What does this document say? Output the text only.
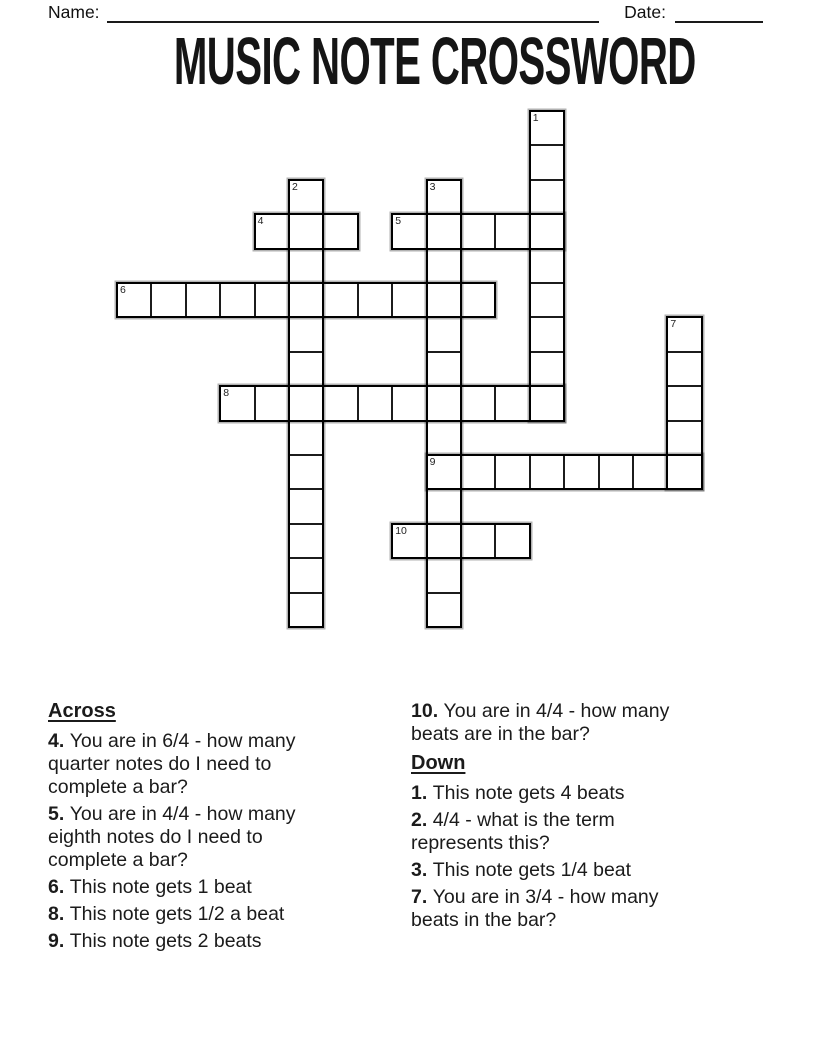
Name:	Date:
MUSIC NOTE CROSSWORD
1
2	3
4	5
6
7
8
9
10
Across
4. You are in 6/4 - how many quarter notes do I need to complete a bar?
5. You are in 4/4 - how many eighth notes do I need to complete a bar?
6. This note gets 1 beat
8. This note gets 1/2 a beat
9. This note gets 2 beats
10. You are in 4/4 - how many beats are in the bar?
Down
1. This note gets 4 beats
2. 4/4 - what is the term represents this?
3. This note gets 1/4 beat
7. You are in 3/4 - how many beats in the bar?
